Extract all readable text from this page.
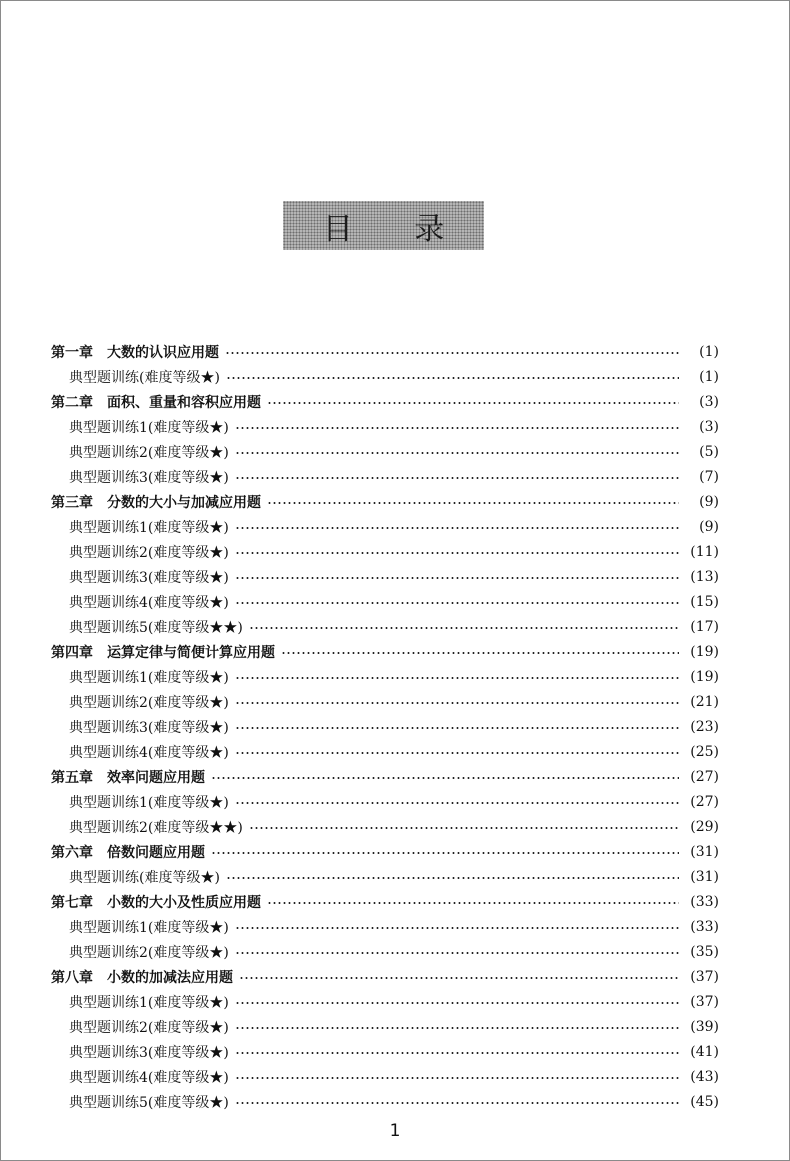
目 录
第一章 大数的认识应用题	(1)
典型题训练(难度等级★)	(1)
第二章 面积、重量和容积应用题	(3)
典型题训练1(难度等级★)	(3)
典型题训练2(难度等级★)	(5)
典型题训练3(难度等级★)	(7)
第三章 分数的大小与加减应用题	(9)
典型题训练1(难度等级★)	(9)
典型题训练2(难度等级★)	(11)
典型题训练3(难度等级★)	(13)
典型题训练4(难度等级★)	(15)
典型题训练5(难度等级★★)	(17)
第四章 运算定律与简便计算应用题	(19)
典型题训练1(难度等级★)	(19)
典型题训练2(难度等级★)	(21)
典型题训练3(难度等级★)	(23)
典型题训练4(难度等级★)	(25)
第五章 效率问题应用题	(27)
典型题训练1(难度等级★)	(27)
典型题训练2(难度等级★★)	(29)
第六章 倍数问题应用题	(31)
典型题训练(难度等级★)	(31)
第七章 小数的大小及性质应用题	(33)
典型题训练1(难度等级★)	(33)
典型题训练2(难度等级★)	(35)
第八章 小数的加减法应用题	(37)
典型题训练1(难度等级★)	(37)
典型题训练2(难度等级★)	(39)
典型题训练3(难度等级★)	(41)
典型题训练4(难度等级★)	(43)
典型题训练5(难度等级★)	(45)
1
